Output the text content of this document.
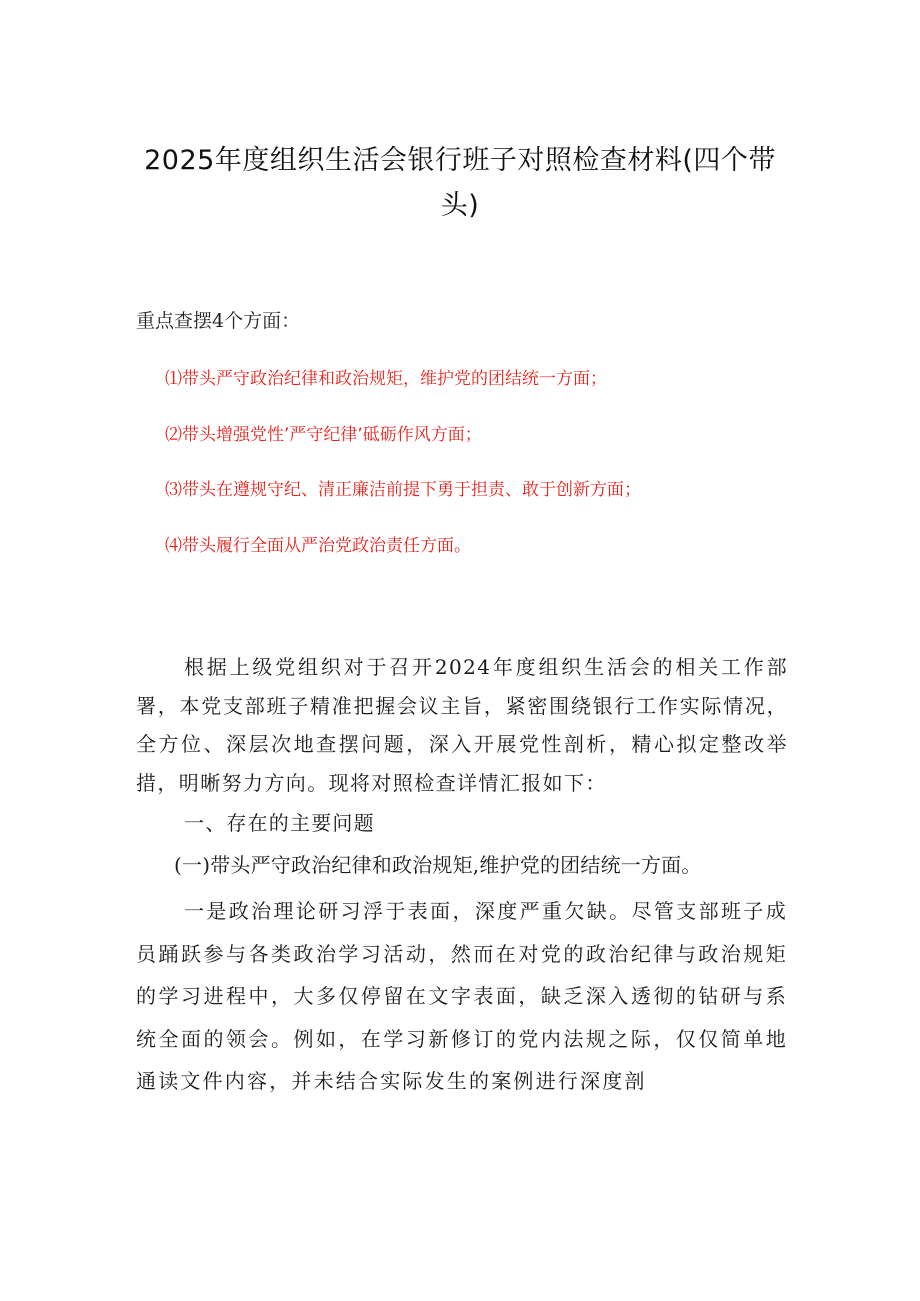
2025年度组织生活会银行班子对照检查材料(四个带头)

重点查摆4个方面：

⑴带头严守政治纪律和政治规矩，维护党的团结统一方面；
⑵带头增强党性’严守纪律’砥砺作风方面；
⑶带头在遵规守纪、清正廉洁前提下勇于担责、敢于创新方面；
⑷带头履行全面从严治党政治责任方面。

根据上级党组织对于召开2024年度组织生活会的相关工作部署，本党支部班子精准把握会议主旨，紧密围绕银行工作实际情况，全方位、深层次地查摆问题，深入开展党性剖析，精心拟定整改举措，明晰努力方向。现将对照检查详情汇报如下：

一、存在的主要问题

(一)带头严守政治纪律和政治规矩,维护党的团结统一方面。

一是政治理论研习浮于表面，深度严重欠缺。尽管支部班子成员踊跃参与各类政治学习活动，然而在对党的政治纪律与政治规矩的学习进程中，大多仅停留在文字表面，缺乏深入透彻的钻研与系统全面的领会。例如，在学习新修订的党内法规之际，仅仅简单地通读文件内容，并未结合实际发生的案例进行深度剖
